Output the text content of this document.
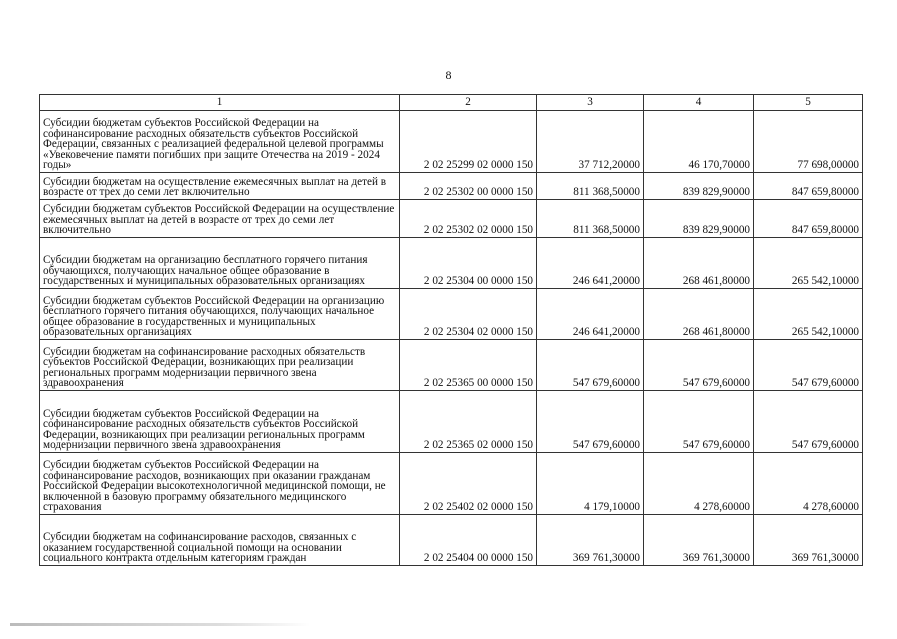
8
1	2	3	4	5
Субсидии бюджетам субъектов Российской Федерации на софинансирование расходных обязательств субъектов Российской Федерации, связанных с реализацией федеральной целевой программы «Увековечение памяти погибших при защите Отечества на 2019 - 2024 годы»	2 02 25299 02 0000 150	37 712,20000	46 170,70000	77 698,00000
Субсидии бюджетам на осуществление ежемесячных выплат на детей в возрасте от трех до семи лет включительно	2 02 25302 00 0000 150	811 368,50000	839 829,90000	847 659,80000
Субсидии бюджетам субъектов Российской Федерации на осуществление ежемесячных выплат на детей в возрасте от трех до семи лет включительно	2 02 25302 02 0000 150	811 368,50000	839 829,90000	847 659,80000
Субсидии бюджетам на организацию бесплатного горячего питания обучающихся, получающих начальное общее образование в государственных и муниципальных образовательных организациях	2 02 25304 00 0000 150	246 641,20000	268 461,80000	265 542,10000
Субсидии бюджетам субъектов Российской Федерации на организацию бесплатного горячего питания обучающихся, получающих начальное общее образование в государственных и муниципальных образовательных организациях	2 02 25304 02 0000 150	246 641,20000	268 461,80000	265 542,10000
Субсидии бюджетам на софинансирование расходных обязательств субъектов Российской Федерации, возникающих при реализации региональных программ модернизации первичного звена здравоохранения	2 02 25365 00 0000 150	547 679,60000	547 679,60000	547 679,60000
Субсидии бюджетам субъектов Российской Федерации на софинансирование расходных обязательств субъектов Российской Федерации, возникающих при реализации региональных программ модернизации первичного звена здравоохранения	2 02 25365 02 0000 150	547 679,60000	547 679,60000	547 679,60000
Субсидии бюджетам субъектов Российской Федерации на софинансирование расходов, возникающих при оказании гражданам Российской Федерации высокотехнологичной медицинской помощи, не включенной в базовую программу обязательного медицинского страхования	2 02 25402 02 0000 150	4 179,10000	4 278,60000	4 278,60000
Субсидии бюджетам на софинансирование расходов, связанных с оказанием государственной социальной помощи на основании социального контракта отдельным категориям граждан	2 02 25404 00 0000 150	369 761,30000	369 761,30000	369 761,30000
